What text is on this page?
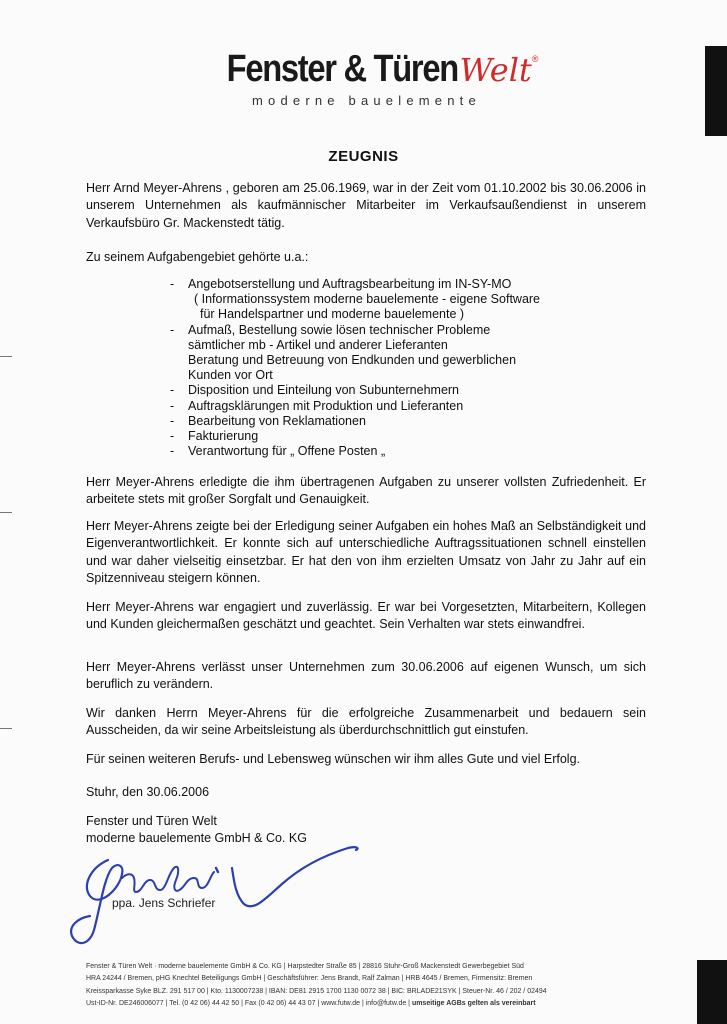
Fenster & TürenWelt®
moderne bauelemente
ZEUGNIS
Herr Arnd Meyer-Ahrens , geboren am 25.06.1969, war in der Zeit vom 01.10.2002 bis 30.06.2006 in unserem Unternehmen als kaufmännischer Mitarbeiter im Verkaufsaußendienst in unserem Verkaufsbüro Gr. Mackenstedt tätig.
Zu seinem Aufgabengebiet gehörte u.a.:
- Angebotserstellung und Auftragsbearbeitung im IN-SY-MO
( Informationssystem moderne bauelemente - eigene Software
für Handelspartner und moderne bauelemente )
- Aufmaß, Bestellung sowie lösen technischer Probleme
sämtlicher mb - Artikel und anderer Lieferanten
Beratung und Betreuung von Endkunden und gewerblichen
Kunden vor Ort
- Disposition und Einteilung von Subunternehmern
- Auftragsklärungen mit Produktion und Lieferanten
- Bearbeitung von Reklamationen
- Fakturierung
- Verantwortung für „ Offene Posten „
Herr Meyer-Ahrens erledigte die ihm übertragenen Aufgaben zu unserer vollsten Zufriedenheit. Er arbeitete stets mit großer Sorgfalt und Genauigkeit.
Herr Meyer-Ahrens zeigte bei der Erledigung seiner Aufgaben ein hohes Maß an Selbständigkeit und Eigenverantwortlichkeit. Er konnte sich auf unterschiedliche Auftragssituationen schnell einstellen und war daher vielseitig einsetzbar. Er hat den von ihm erzielten Umsatz von Jahr zu Jahr auf ein Spitzenniveau steigern können.
Herr Meyer-Ahrens war engagiert und zuverlässig. Er war bei Vorgesetzten, Mitarbeitern, Kollegen und Kunden gleichermaßen geschätzt und geachtet. Sein Verhalten war stets einwandfrei.
Herr Meyer-Ahrens verlässt unser Unternehmen zum 30.06.2006 auf eigenen Wunsch, um sich beruflich zu verändern.
Wir danken Herrn Meyer-Ahrens für die erfolgreiche Zusammenarbeit und bedauern sein Ausscheiden, da wir seine Arbeitsleistung als überdurchschnittlich gut einstufen.
Für seinen weiteren Berufs- und Lebensweg wünschen wir ihm alles Gute und viel Erfolg.
Stuhr, den 30.06.2006
Fenster und Türen Welt
moderne bauelemente GmbH & Co. KG
ppa. Jens Schriefer
Fenster & Türen Welt · moderne bauelemente GmbH & Co. KG | Harpstedter Straße 85 | 28816 Stuhr-Groß Mackenstedt Gewerbegebiet Süd
HRA 24244 / Bremen, pHG Knechtel Beteiligungs GmbH | Geschäftsführer: Jens Brandt, Ralf Zalman | HRB 4645 / Bremen, Firmensitz: Bremen
Kreissparkasse Syke BLZ. 291 517 00 | Kto. 1130007238 | IBAN: DE81 2915 1700 1130 0072 38 | BIC: BRLADE21SYK | Steuer-Nr. 46 / 202 / 02494
Ust-ID-Nr. DE246006077 | Tel. (0 42 06) 44 42 50 | Fax (0 42 06) 44 43 07 | www.futw.de | info@futw.de | umseitige AGBs gelten als vereinbart
